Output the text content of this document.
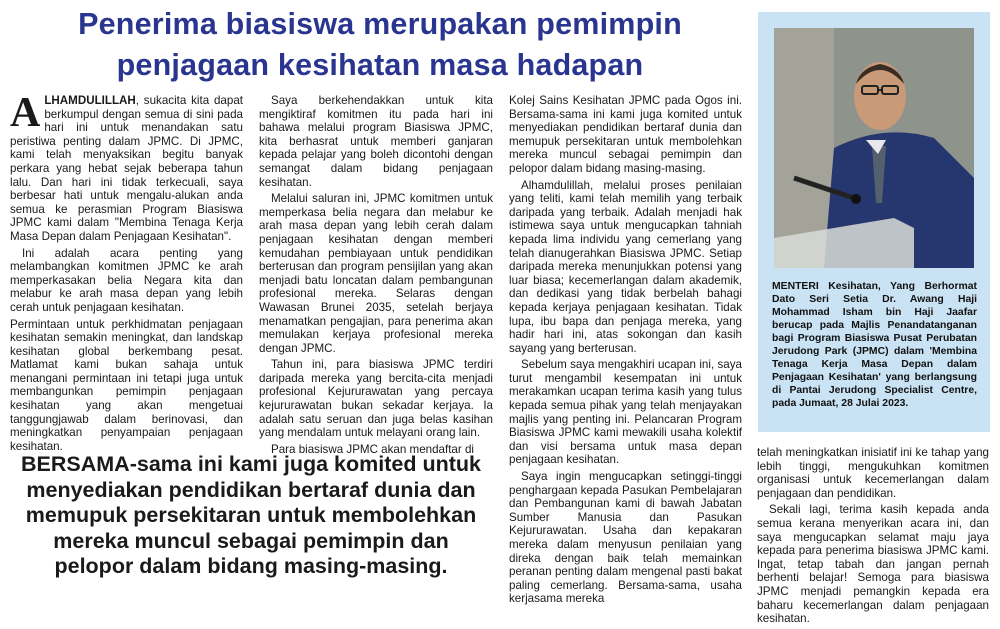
Penerima biasiswa merupakan pemimpin
penjagaan kesihatan masa hadapan

ALHAMDULILLAH, sukacita kita dapat berkumpul dengan semua di sini pada hari ini untuk menandakan satu peristiwa penting dalam JPMC. Di JPMC, kami telah menyaksikan begitu banyak perkara yang hebat sejak beberapa tahun lalu. Dan hari ini tidak terkecuali, saya berbesar hati untuk mengalu-alukan anda semua ke perasmian Program Biasiswa JPMC kami dalam "Membina Tenaga Kerja Masa Depan dalam Penjagaan Kesihatan".

Ini adalah acara penting yang melambangkan komitmen JPMC ke arah memperkasakan belia Negara kita dan melabur ke arah masa depan yang lebih cerah untuk penjagaan kesihatan.

Permintaan untuk perkhidmatan penjagaan kesihatan semakin meningkat, dan landskap kesihatan global berkembang pesat. Matlamat kami bukan sahaja untuk menangani permintaan ini tetapi juga untuk membangunkan pemimpin penjagaan kesihatan yang akan mengetuai tanggungjawab dalam berinovasi, dan meningkatkan penyampaian penjagaan kesihatan.

Saya berkehendakkan untuk kita mengiktiraf komitmen itu pada hari ini bahawa melalui program Biasiswa JPMC, kita berhasrat untuk memberi ganjaran kepada pelajar yang boleh dicontohi dengan semangat dalam bidang penjagaan kesihatan.

Melalui saluran ini, JPMC komitmen untuk memperkasa belia negara dan melabur ke arah masa depan yang lebih cerah dalam penjagaan kesihatan dengan memberi kemudahan pembiayaan untuk pendidikan berterusan dan program pensijilan yang akan menjadi batu loncatan dalam pembangunan profesional mereka. Selaras dengan Wawasan Brunei 2035, setelah berjaya menamatkan pengajian, para penerima akan memulakan kerjaya profesional mereka dengan JPMC.

Tahun ini, para biasiswa JPMC terdiri daripada mereka yang bercita-cita menjadi profesional Kejururawatan yang percaya kejururawatan bukan sekadar kerjaya. Ia adalah satu seruan dan juga belas kasihan yang mendalam untuk melayani orang lain.

Para biasiswa JPMC akan mendaftar di

BERSAMA-sama ini kami juga komited untuk menyediakan pendidikan bertaraf dunia dan memupuk persekitaran untuk membolehkan mereka muncul sebagai pemimpin dan pelopor dalam bidang masing-masing.

Kolej Sains Kesihatan JPMC pada Ogos ini. Bersama-sama ini kami juga komited untuk menyediakan pendidikan bertaraf dunia dan memupuk persekitaran untuk membolehkan mereka muncul sebagai pemimpin dan pelopor dalam bidang masing-masing.

Alhamdulillah, melalui proses penilaian yang teliti, kami telah memilih yang terbaik daripada yang terbaik. Adalah menjadi hak istimewa saya untuk mengucapkan tahniah kepada lima individu yang cemerlang yang telah dianugerahkan Biasiswa JPMC. Setiap daripada mereka menunjukkan potensi yang luar biasa; kecemerlangan dalam akademik, dan dedikasi yang tidak berbelah bahagi kepada kerjaya penjagaan kesihatan. Tidak lupa, ibu bapa dan penjaga mereka, yang hadir hari ini, atas sokongan dan kasih sayang yang berterusan.

Sebelum saya mengakhiri ucapan ini, saya turut mengambil kesempatan ini untuk merakamkan ucapan terima kasih yang tulus kepada semua pihak yang telah menjayakan majlis yang penting ini. Pelancaran Program Biasiswa JPMC kami mewakili usaha kolektif dan visi bersama untuk masa depan penjagaan kesihatan.

Saya ingin mengucapkan setinggi-tinggi penghargaan kepada Pasukan Pembelajaran dan Pembangunan kami di bawah Jabatan Sumber Manusia dan Pasukan Kejururawatan. Usaha dan kepakaran mereka dalam menyusun penilaian yang direka dengan baik telah memainkan peranan penting dalam mengenal pasti bakat paling cemerlang. Bersama-sama, usaha kerjasama mereka

MENTERI Kesihatan, Yang Berhormat Dato Seri Setia Dr. Awang Haji Mohammad Isham bin Haji Jaafar berucap pada Majlis Penandatanganan bagi Program Biasiswa Pusat Perubatan Jerudong Park (JPMC) dalam 'Membina Tenaga Kerja Masa Depan dalam Penjagaan Kesihatan' yang berlangsung di Pantai Jerudong Specialist Centre, pada Jumaat, 28 Julai 2023.

telah meningkatkan inisiatif ini ke tahap yang lebih tinggi, mengukuhkan komitmen organisasi untuk kecemerlangan dalam penjagaan dan pendidikan.

Sekali lagi, terima kasih kepada anda semua kerana menyerikan acara ini, dan saya mengucapkan selamat maju jaya kepada para penerima biasiswa JPMC kami. Ingat, tetap tabah dan jangan pernah berhenti belajar! Semoga para biasiswa JPMC menjadi pemangkin kepada era baharu kecemerlangan dalam penjagaan kesihatan.
